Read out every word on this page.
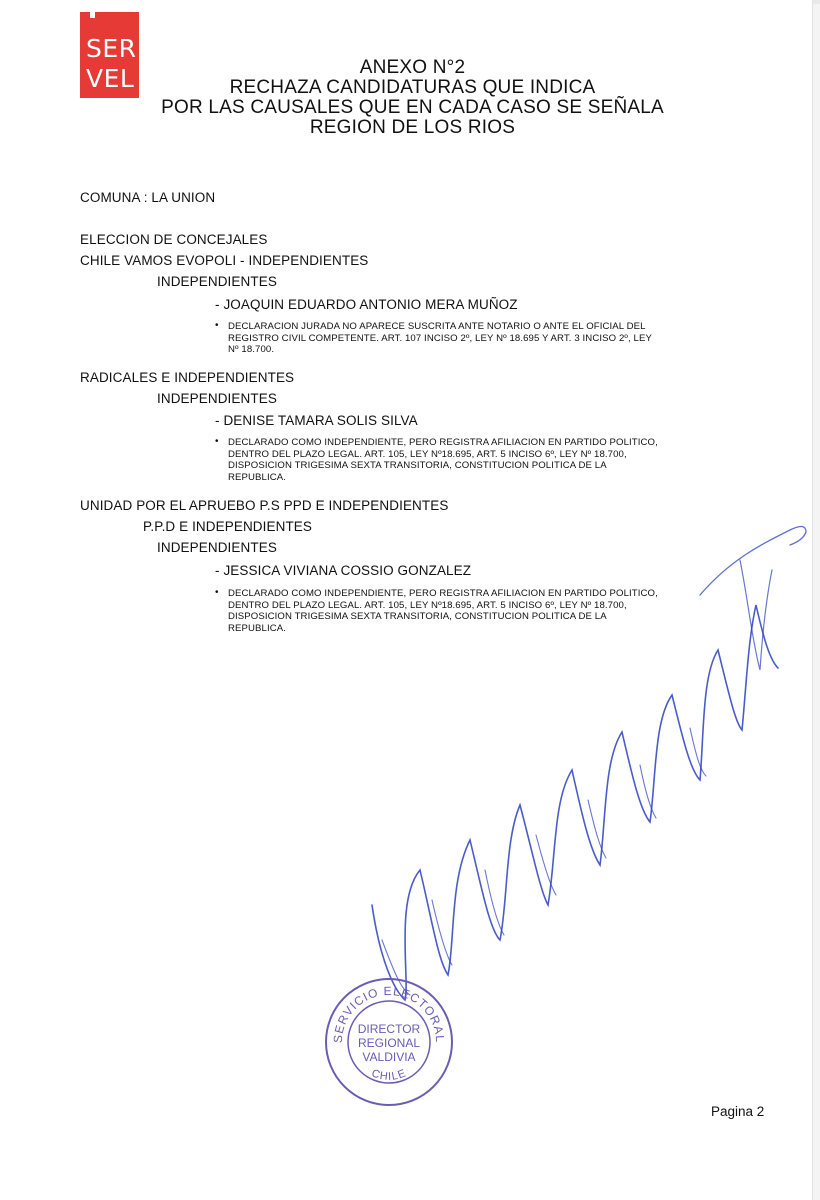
SER
VEL	ANEXO N°2
RECHAZA CANDIDATURAS QUE INDICA
POR LAS CAUSALES QUE EN CADA CASO SE SEÑALA
REGION DE LOS RIOS
COMUNA : LA UNION
ELECCION DE CONCEJALES
CHILE VAMOS EVOPOLI - INDEPENDIENTES
INDEPENDIENTES
- JOAQUIN EDUARDO ANTONIO MERA MUÑOZ
• DECLARACION JURADA NO APARECE SUSCRITA ANTE NOTARIO O ANTE EL OFICIAL DEL
REGISTRO CIVIL COMPETENTE. ART. 107 INCISO 2º, LEY Nº 18.695 Y ART. 3 INCISO 2º, LEY
Nº 18.700.
RADICALES E INDEPENDIENTES
INDEPENDIENTES
- DENISE TAMARA SOLIS SILVA
• DECLARADO COMO INDEPENDIENTE, PERO REGISTRA AFILIACION EN PARTIDO POLITICO,
DENTRO DEL PLAZO LEGAL. ART. 105, LEY Nº18.695, ART. 5 INCISO 6º, LEY Nº 18.700,
DISPOSICION TRIGESIMA SEXTA TRANSITORIA, CONSTITUCION POLITICA DE LA
REPUBLICA.
UNIDAD POR EL APRUEBO P.S PPD E INDEPENDIENTES
P.P.D E INDEPENDIENTES
INDEPENDIENTES
- JESSICA VIVIANA COSSIO GONZALEZ
• DECLARADO COMO INDEPENDIENTE, PERO REGISTRA AFILIACION EN PARTIDO POLITICO,
DENTRO DEL PLAZO LEGAL. ART. 105, LEY Nº18.695, ART. 5 INCISO 6º, LEY Nº 18.700,
DISPOSICION TRIGESIMA SEXTA TRANSITORIA, CONSTITUCION POLITICA DE LA
REPUBLICA.
Pagina 2
SERVICIO ELECTORAL
CHILE
DIRECTOR
REGIONAL
VALDIVIA
